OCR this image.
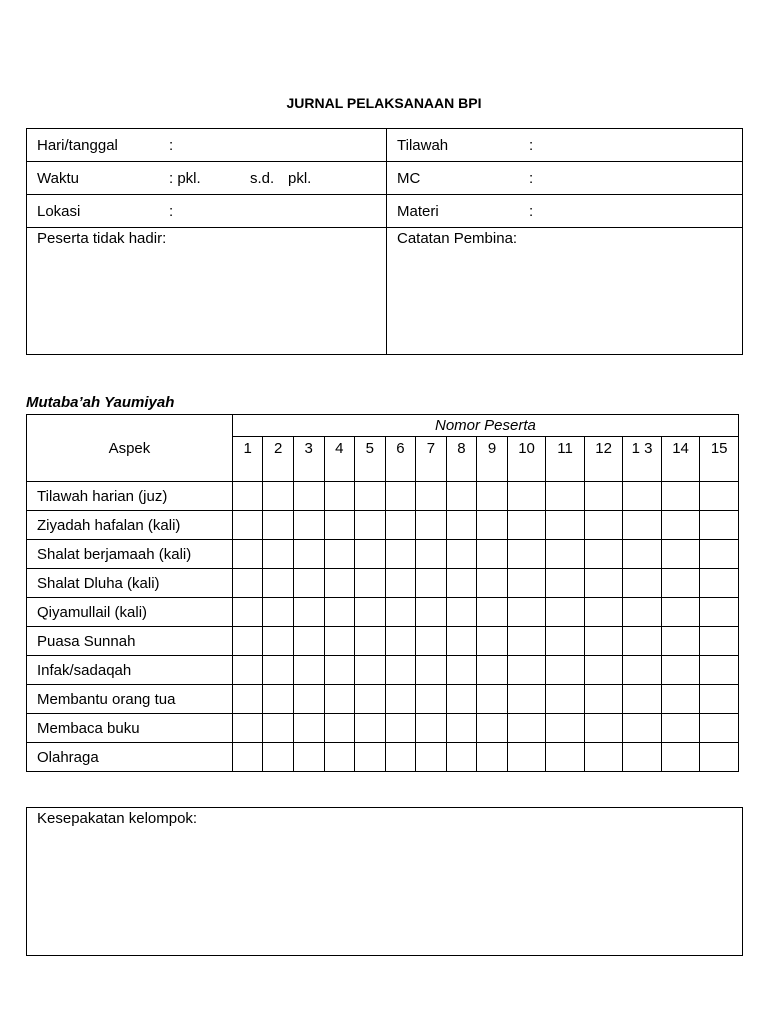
JURNAL PELAKSANAAN BPI
Hari/tanggal :	Tilawah :
Waktu : pkl. s.d. pkl.	MC :
Lokasi :	Materi :
Peserta tidak hadir:	Catatan Pembina:
Mutaba’ah Yaumiyah
Aspek	Nomor Peserta														
	1	2	3	4	5	6	7	8	9	10	11	12	1 3	14	15
Tilawah harian (juz)															
Ziyadah hafalan (kali)															
Shalat berjamaah (kali)															
Shalat Dluha (kali)															
Qiyamullail (kali)															
Puasa Sunnah															
Infak/sadaqah															
Membantu orang tua															
Membaca buku															
Olahraga															
Kesepakatan kelompok:
